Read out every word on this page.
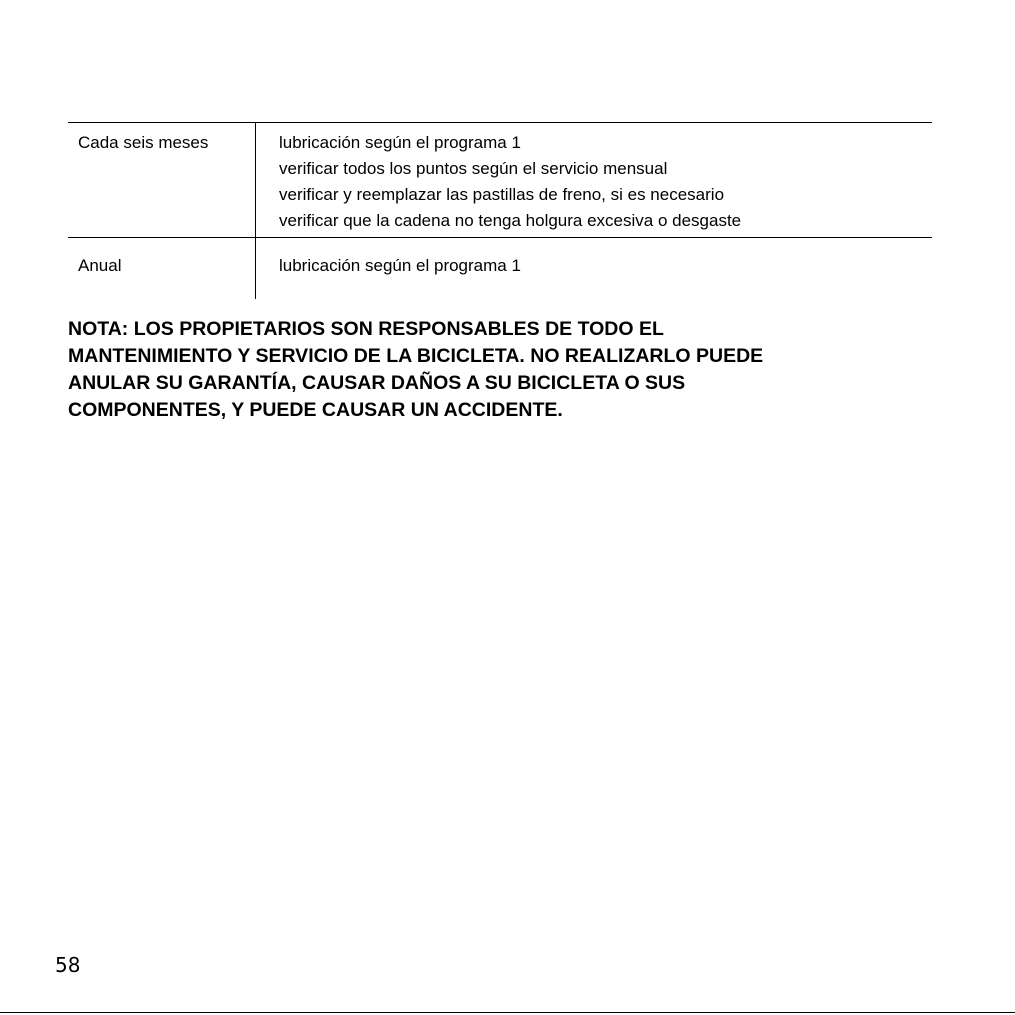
Cada seis meses	lubricación según el programa 1
verificar todos los puntos según el servicio mensual
verificar y reemplazar las pastillas de freno, si es necesario
verificar que la cadena no tenga holgura excesiva o desgaste
Anual	lubricación según el programa 1
NOTA: LOS PROPIETARIOS SON RESPONSABLES DE TODO EL
MANTENIMIENTO Y SERVICIO DE LA BICICLETA. NO REALIZARLO PUEDE
ANULAR SU GARANTÍA, CAUSAR DAÑOS A SU BICICLETA O SUS
COMPONENTES, Y PUEDE CAUSAR UN ACCIDENTE.
58
